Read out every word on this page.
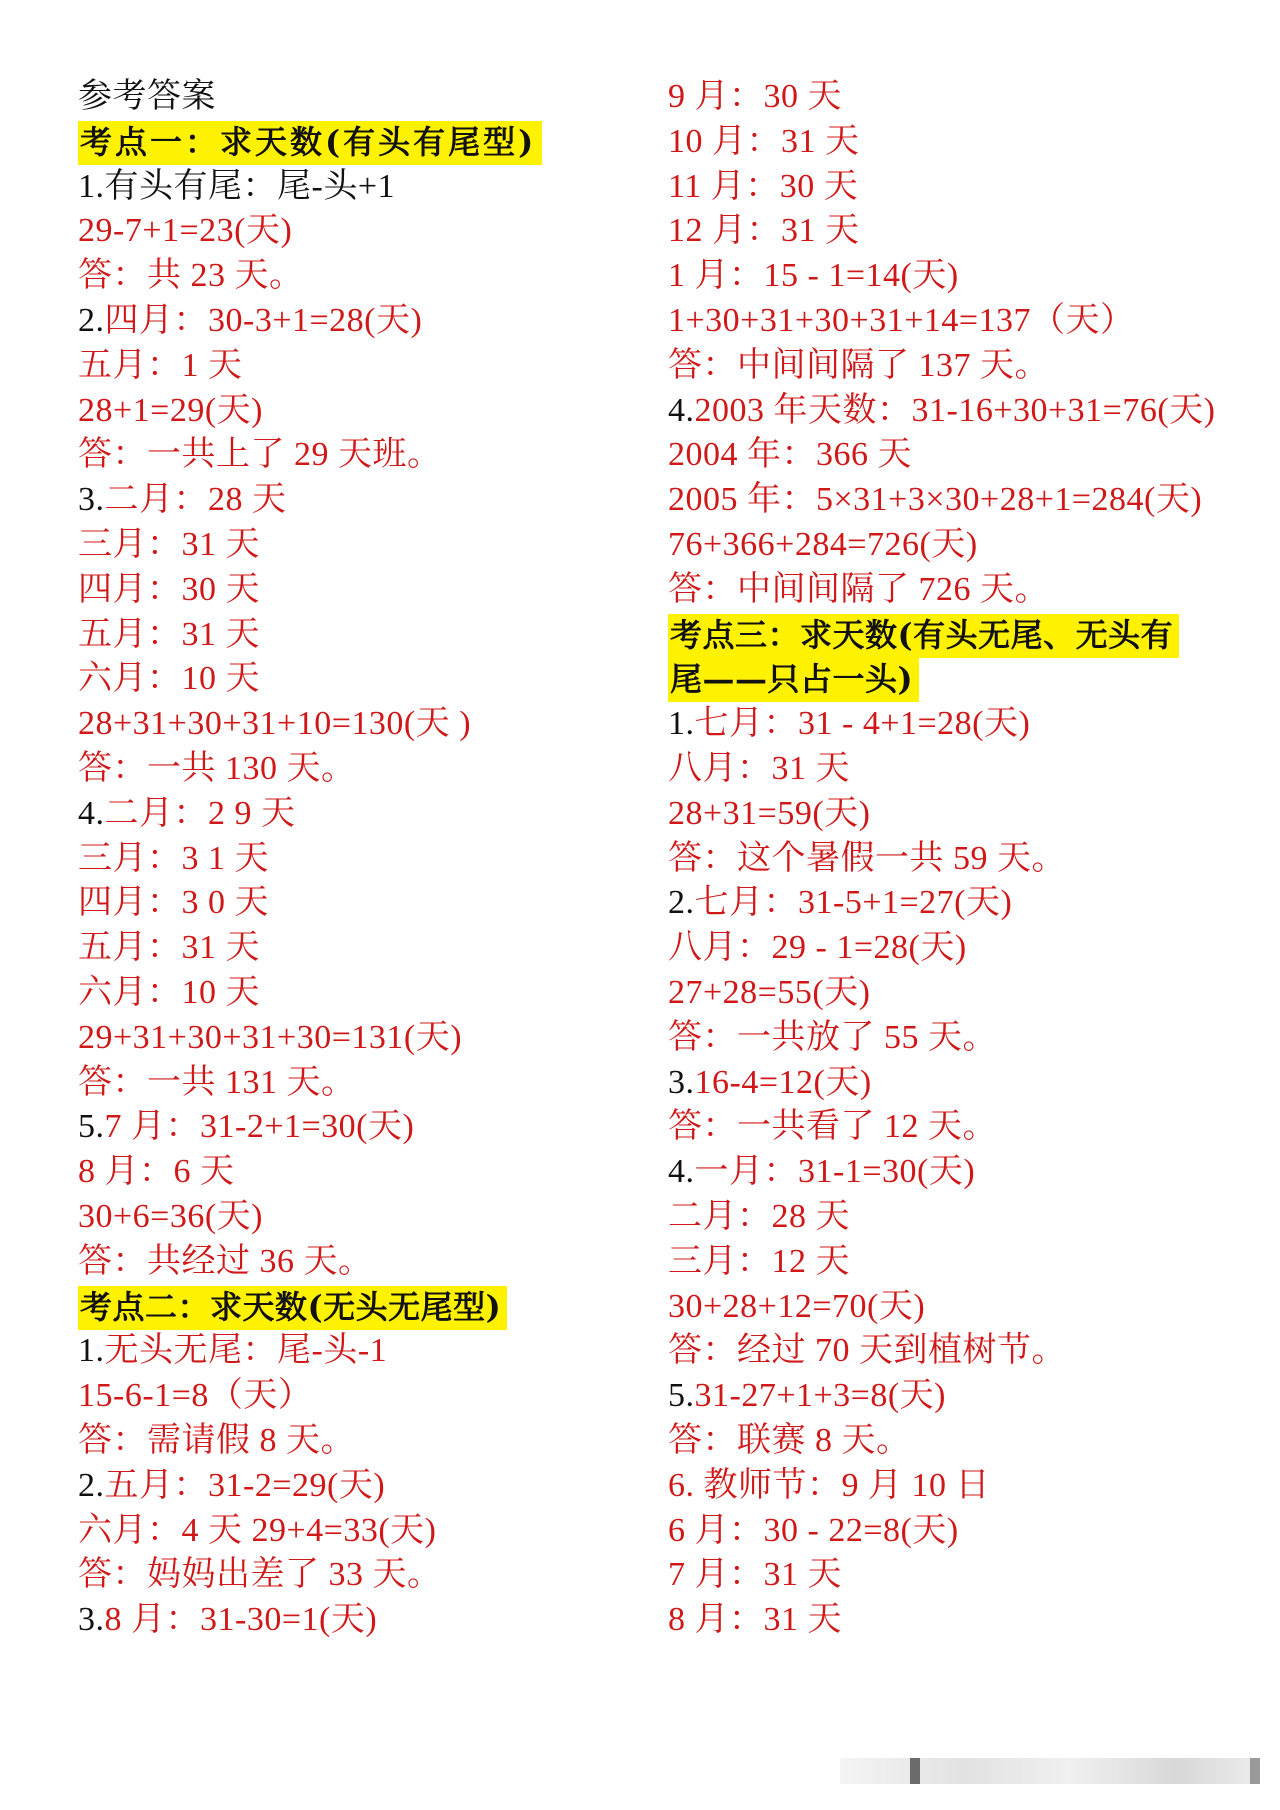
参考答案
考点一：求天数(有头有尾型)
1.有头有尾：尾-头+1
29-7+1=23(天)
答：共 23 天。
2.四月：30-3+1=28(天)
五月：1 天
28+1=29(天)
答：一共上了 29 天班。
3.二月：28 天
三月：31 天
四月：30 天
五月：31 天
六月：10 天
28+31+30+31+10=130(天 )
答：一共 130 天。
4.二月：2 9 天
三月：3 1 天
四月：3 0 天
五月：31 天
六月：10 天
29+31+30+31+30=131(天)
答：一共 131 天。
5.7 月：31-2+1=30(天)
8 月：6 天
30+6=36(天)
答：共经过 36 天。
考点二：求天数(无头无尾型)
1.无头无尾：尾-头-1
15-6-1=8（天）
答：需请假 8 天。
2.五月：31-2=29(天)
六月：4 天 29+4=33(天)
答：妈妈出差了 33 天。
3.8 月：31-30=1(天)
9 月：30 天
10 月：31 天
11 月：30 天
12 月：31 天
1 月：15 - 1=14(天)
1+30+31+30+31+14=137（天）
答：中间间隔了 137 天。
4.2003 年天数：31-16+30+31=76(天)
2004 年：366 天
2005 年：5×31+3×30+28+1=284(天)
76+366+284=726(天)
答：中间间隔了 726 天。
考点三：求天数(有头无尾、无头有
尾——只占一头)
1.七月：31 - 4+1=28(天)
八月：31 天
28+31=59(天)
答：这个暑假一共 59 天。
2.七月：31-5+1=27(天)
八月：29 - 1=28(天)
27+28=55(天)
答：一共放了 55 天。
3.16-4=12(天)
答：一共看了 12 天。
4.一月：31-1=30(天)
二月：28 天
三月：12 天
30+28+12=70(天)
答：经过 70 天到植树节。
5.31-27+1+3=8(天)
答：联赛 8 天。
6. 教师节：9 月 10 日
6 月：30 - 22=8(天)
7 月：31 天
8 月：31 天
